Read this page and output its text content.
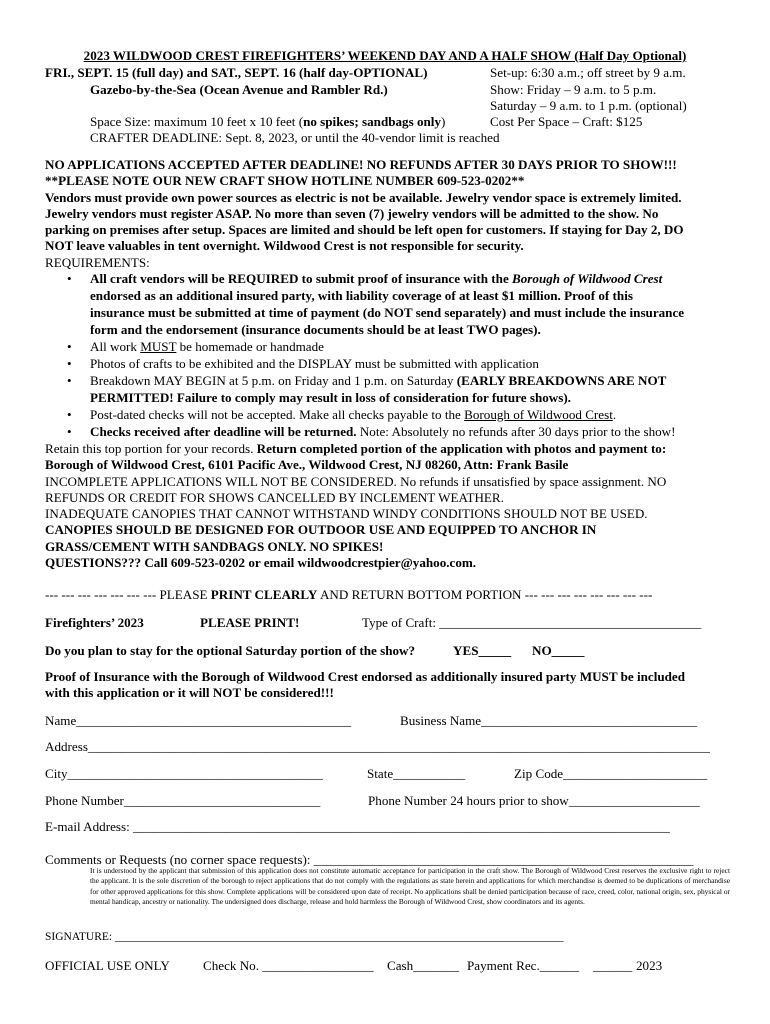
2023 WILDWOOD CREST FIREFIGHTERS’ WEEKEND DAY AND A HALF SHOW (Half Day Optional)
FRI., SEPT. 15 (full day) and SAT., SEPT. 16 (half day-OPTIONAL)
Gazebo-by-the-Sea (Ocean Avenue and Rambler Rd.)
Set-up: 6:30 a.m.; off street by 9 a.m.
Show: Friday – 9 a.m. to 5 p.m.
Saturday – 9 a.m. to 1 p.m. (optional)
Space Size: maximum 10 feet x 10 feet (no spikes; sandbags only)	Cost Per Space – Craft: $125
CRAFTER DEADLINE: Sept. 8, 2023, or until the 40-vendor limit is reached
NO APPLICATIONS ACCEPTED AFTER DEADLINE! NO REFUNDS AFTER 30 DAYS PRIOR TO SHOW!!!
**PLEASE NOTE OUR NEW CRAFT SHOW HOTLINE NUMBER 609-523-0202**
Vendors must provide own power sources as electric is not be available. Jewelry vendor space is extremely limited.
Jewelry vendors must register ASAP. No more than seven (7) jewelry vendors will be admitted to the show. No
parking on premises after setup. Spaces are limited and should be left open for customers. If staying for Day 2, DO
NOT leave valuables in tent overnight. Wildwood Crest is not responsible for security.
REQUIREMENTS:
• All craft vendors will be REQUIRED to submit proof of insurance with the Borough of Wildwood Crest
endorsed as an additional insured party, with liability coverage of at least $1 million. Proof of this
insurance must be submitted at time of payment (do NOT send separately) and must include the insurance
form and the endorsement (insurance documents should be at least TWO pages).
• All work MUST be homemade or handmade
• Photos of crafts to be exhibited and the DISPLAY must be submitted with application
• Breakdown MAY BEGIN at 5 p.m. on Friday and 1 p.m. on Saturday (EARLY BREAKDOWNS ARE NOT
PERMITTED! Failure to comply may result in loss of consideration for future shows).
• Post-dated checks will not be accepted. Make all checks payable to the Borough of Wildwood Crest.
• Checks received after deadline will be returned. Note: Absolutely no refunds after 30 days prior to the show!
Retain this top portion for your records. Return completed portion of the application with photos and payment to:
Borough of Wildwood Crest, 6101 Pacific Ave., Wildwood Crest, NJ 08260, Attn: Frank Basile
INCOMPLETE APPLICATIONS WILL NOT BE CONSIDERED. No refunds if unsatisfied by space assignment. NO
REFUNDS OR CREDIT FOR SHOWS CANCELLED BY INCLEMENT WEATHER.
INADEQUATE CANOPIES THAT CANNOT WITHSTAND WINDY CONDITIONS SHOULD NOT BE USED.
CANOPIES SHOULD BE DESIGNED FOR OUTDOOR USE AND EQUIPPED TO ANCHOR IN
GRASS/CEMENT WITH SANDBAGS ONLY. NO SPIKES!
QUESTIONS??? Call 609-523-0202 or email wildwoodcrestpier@yahoo.com.
--- --- --- --- --- --- --- PLEASE PRINT CLEARLY AND RETURN BOTTOM PORTION --- --- --- --- --- --- --- ---
Firefighters’ 2023	PLEASE PRINT!	Type of Craft: ________________________________________
Do you plan to stay for the optional Saturday portion of the show?	YES_____ NO_____
Proof of Insurance with the Borough of Wildwood Crest endorsed as additionally insured party MUST be included
with this application or it will NOT be considered!!!
Name__________________________________________	Business Name_________________________________
Address_______________________________________________________________________________________________
City_______________________________________	State___________	Zip Code______________________
Phone Number______________________________	Phone Number 24 hours prior to show____________________
E-mail Address: __________________________________________________________________________________
Comments or Requests (no corner space requests): __________________________________________________________
It is understood by the applicant that submission of this application does not constitute automatic acceptance for participation in the craft show. The Borough of Wildwood Crest reserves the exclusive right to reject the applicant. It is the sole discretion of the borough to reject applications that do not comply with the regulations as state herein and applications for which merchandise is deemed to be duplications of merchandise for other approved applications for this show. Complete applications will be considered upon date of receipt. No applications shall be denied participation because of race, creed, color, national origin, sex, physical or mental handicap, ancestry or nationality. The undersigned does discharge, release and hold harmless the Borough of Wildwood Crest, show coordinators and its agents.
SIGNATURE: ______________________________________________________________________________
OFFICIAL USE ONLY	Check No. _________________ Cash_______ Payment Rec.______ ______ 2023
